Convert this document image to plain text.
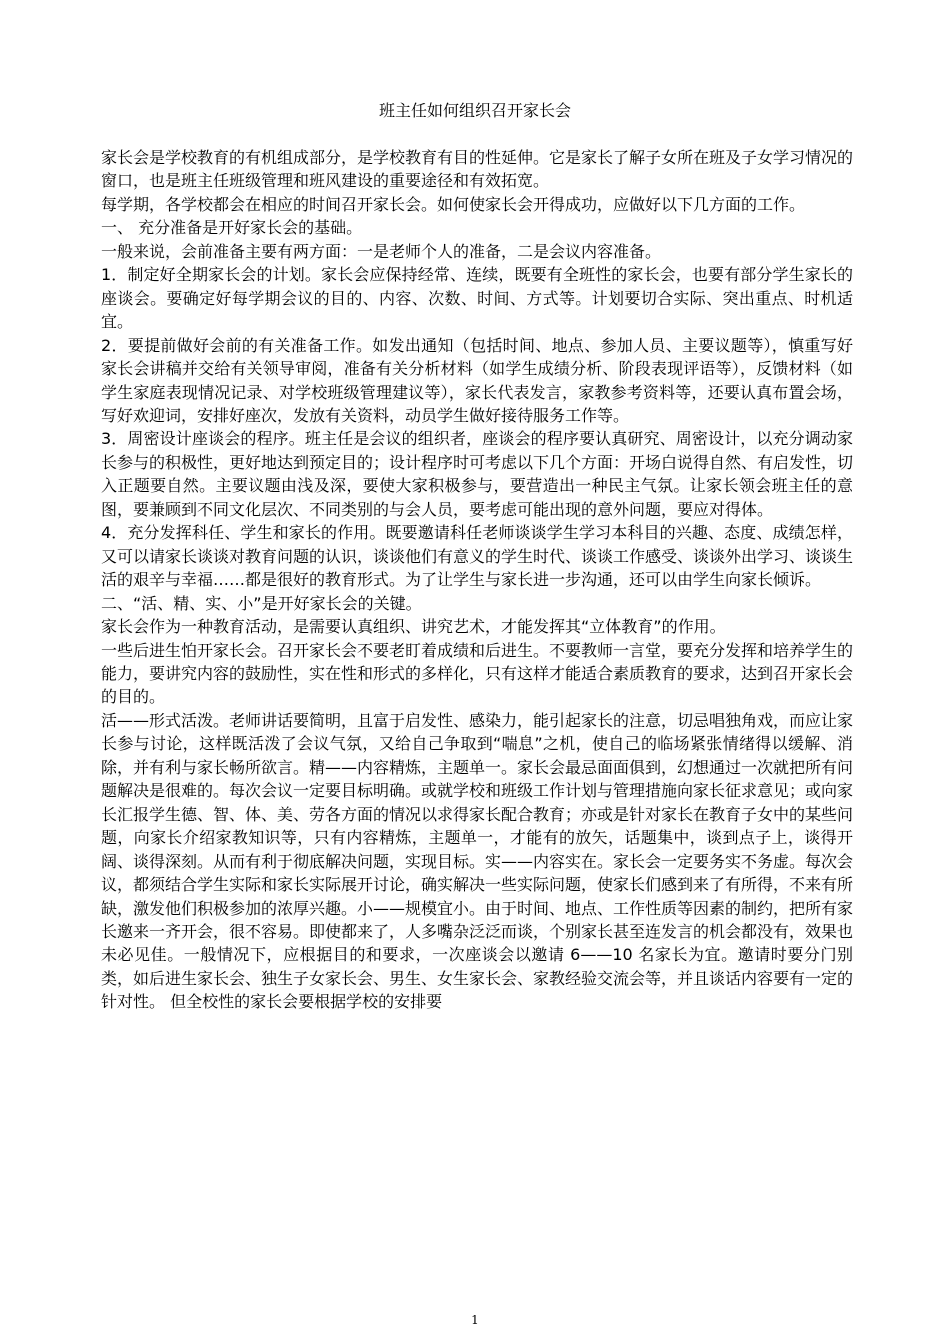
班主任如何组织召开家长会

家长会是学校教育的有机组成部分，是学校教育有目的性延伸。它是家长了解子女所在班及子女学习情况的窗口，也是班主任班级管理和班风建设的重要途径和有效拓宽。

每学期，各学校都会在相应的时间召开家长会。如何使家长会开得成功，应做好以下几方面的工作。

一、 充分准备是开好家长会的基础。

一般来说，会前准备主要有两方面：一是老师个人的准备，二是会议内容准备。

1．制定好全期家长会的计划。家长会应保持经常、连续，既要有全班性的家长会，也要有部分学生家长的座谈会。要确定好每学期会议的目的、内容、次数、时间、方式等。计划要切合实际、突出重点、时机适宜。

2．要提前做好会前的有关准备工作。如发出通知（包括时间、地点、参加人员、主要议题等），慎重写好家长会讲稿并交给有关领导审阅，准备有关分析材料（如学生成绩分析、阶段表现评语等），反馈材料（如学生家庭表现情况记录、对学校班级管理建议等），家长代表发言，家教参考资料等，还要认真布置会场，写好欢迎词，安排好座次，发放有关资料，动员学生做好接待服务工作等。

3．周密设计座谈会的程序。班主任是会议的组织者，座谈会的程序要认真研究、周密设计，以充分调动家长参与的积极性，更好地达到预定目的；设计程序时可考虑以下几个方面：开场白说得自然、有启发性，切入正题要自然。主要议题由浅及深，要使大家积极参与，要营造出一种民主气氛。让家长领会班主任的意图，要兼顾到不同文化层次、不同类别的与会人员，要考虑可能出现的意外问题，要应对得体。

4．充分发挥科任、学生和家长的作用。既要邀请科任老师谈谈学生学习本科目的兴趣、态度、成绩怎样，又可以请家长谈谈对教育问题的认识，谈谈他们有意义的学生时代、谈谈工作感受、谈谈外出学习、谈谈生活的艰辛与幸福……都是很好的教育形式。为了让学生与家长进一步沟通，还可以由学生向家长倾诉。

二、“活、精、实、小”是开好家长会的关键。

家长会作为一种教育活动，是需要认真组织、讲究艺术，才能发挥其“立体教育”的作用。

一些后进生怕开家长会。召开家长会不要老盯着成绩和后进生。不要教师一言堂，要充分发挥和培养学生的能力，要讲究内容的鼓励性，实在性和形式的多样化，只有这样才能适合素质教育的要求，达到召开家长会的目的。

活——形式活泼。老师讲话要简明，且富于启发性、感染力，能引起家长的注意，切忌唱独角戏，而应让家长参与讨论，这样既活泼了会议气氛，又给自己争取到“喘息”之机，使自己的临场紧张情绪得以缓解、消除，并有利与家长畅所欲言。精——内容精炼，主题单一。家长会最忌面面俱到，幻想通过一次就把所有问题解决是很难的。每次会议一定要目标明确。或就学校和班级工作计划与管理措施向家长征求意见；或向家长汇报学生德、智、体、美、劳各方面的情况以求得家长配合教育；亦或是针对家长在教育子女中的某些问题，向家长介绍家教知识等，只有内容精炼，主题单一，才能有的放矢，话题集中，谈到点子上，谈得开阔、谈得深刻。从而有利于彻底解决问题，实现目标。实——内容实在。家长会一定要务实不务虚。每次会议，都须结合学生实际和家长实际展开讨论，确实解决一些实际问题，使家长们感到来了有所得，不来有所缺，激发他们积极参加的浓厚兴趣。小——规模宜小。由于时间、地点、工作性质等因素的制约，把所有家长邀来一齐开会，很不容易。即使都来了，人多嘴杂泛泛而谈，个别家长甚至连发言的机会都没有，效果也未必见佳。一般情况下，应根据目的和要求，一次座谈会以邀请 6——10 名家长为宜。邀请时要分门别类，如后进生家长会、独生子女家长会、男生、女生家长会、家教经验交流会等，并且谈话内容要有一定的针对性。 但全校性的家长会要根据学校的安排要

1
